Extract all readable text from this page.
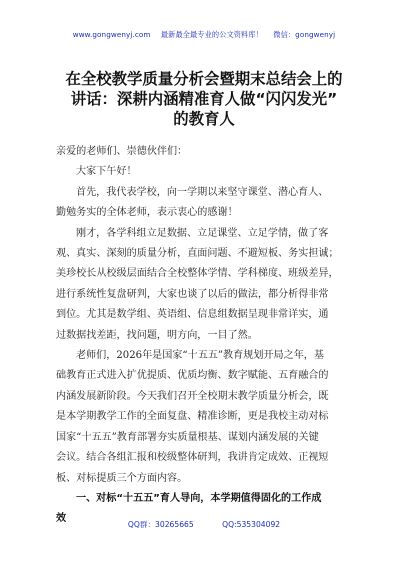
www.gongwenyj.com 最新最全最专业的公文资料库！ 微信：gongwenyj
在全校教学质量分析会暨期末总结会上的
讲话：深耕内涵精准育人做“闪闪发光”
的教育人

亲爱的老师们、崇德伙伴们：

大家下午好！

首先，我代表学校，向一学期以来坚守课堂、潜心育人、
勤勉务实的全体老师，表示衷心的感谢！

刚才，各学科组立足数据、立足课堂、立足学情，做了客
观、真实、深刻的质量分析，直面问题、不避短板、务实担诚；
美珍校长从校级层面结合全校整体学情、学科梯度、班级差异，
进行系统性复盘研判，大家也谈了以后的做法，都分析得非常
到位。尤其是数学组、英语组、信息组数据呈现非常详实，通
过数据找差距，找问题，明方向，一目了然。

老师们，2026年是国家“十五五”教育规划开局之年，基
础教育正式进入扩优提质、优质均衡、数字赋能、五育融合的
内涵发展新阶段。今天我们召开全校期末教学质量分析会，既
是本学期教学工作的全面复盘、精准诊断，更是我校主动对标
国家“十五五”教育部署夯实质量根基、谋划内涵发展的关键
会议。结合各组汇报和校级整体研判，我讲肯定成效、正视短
板、对标提质三个方面内容。

一、对标“十五五”育人导向，本学期值得固化的工作成
效

QQ群：30265665	QQ:535304092
